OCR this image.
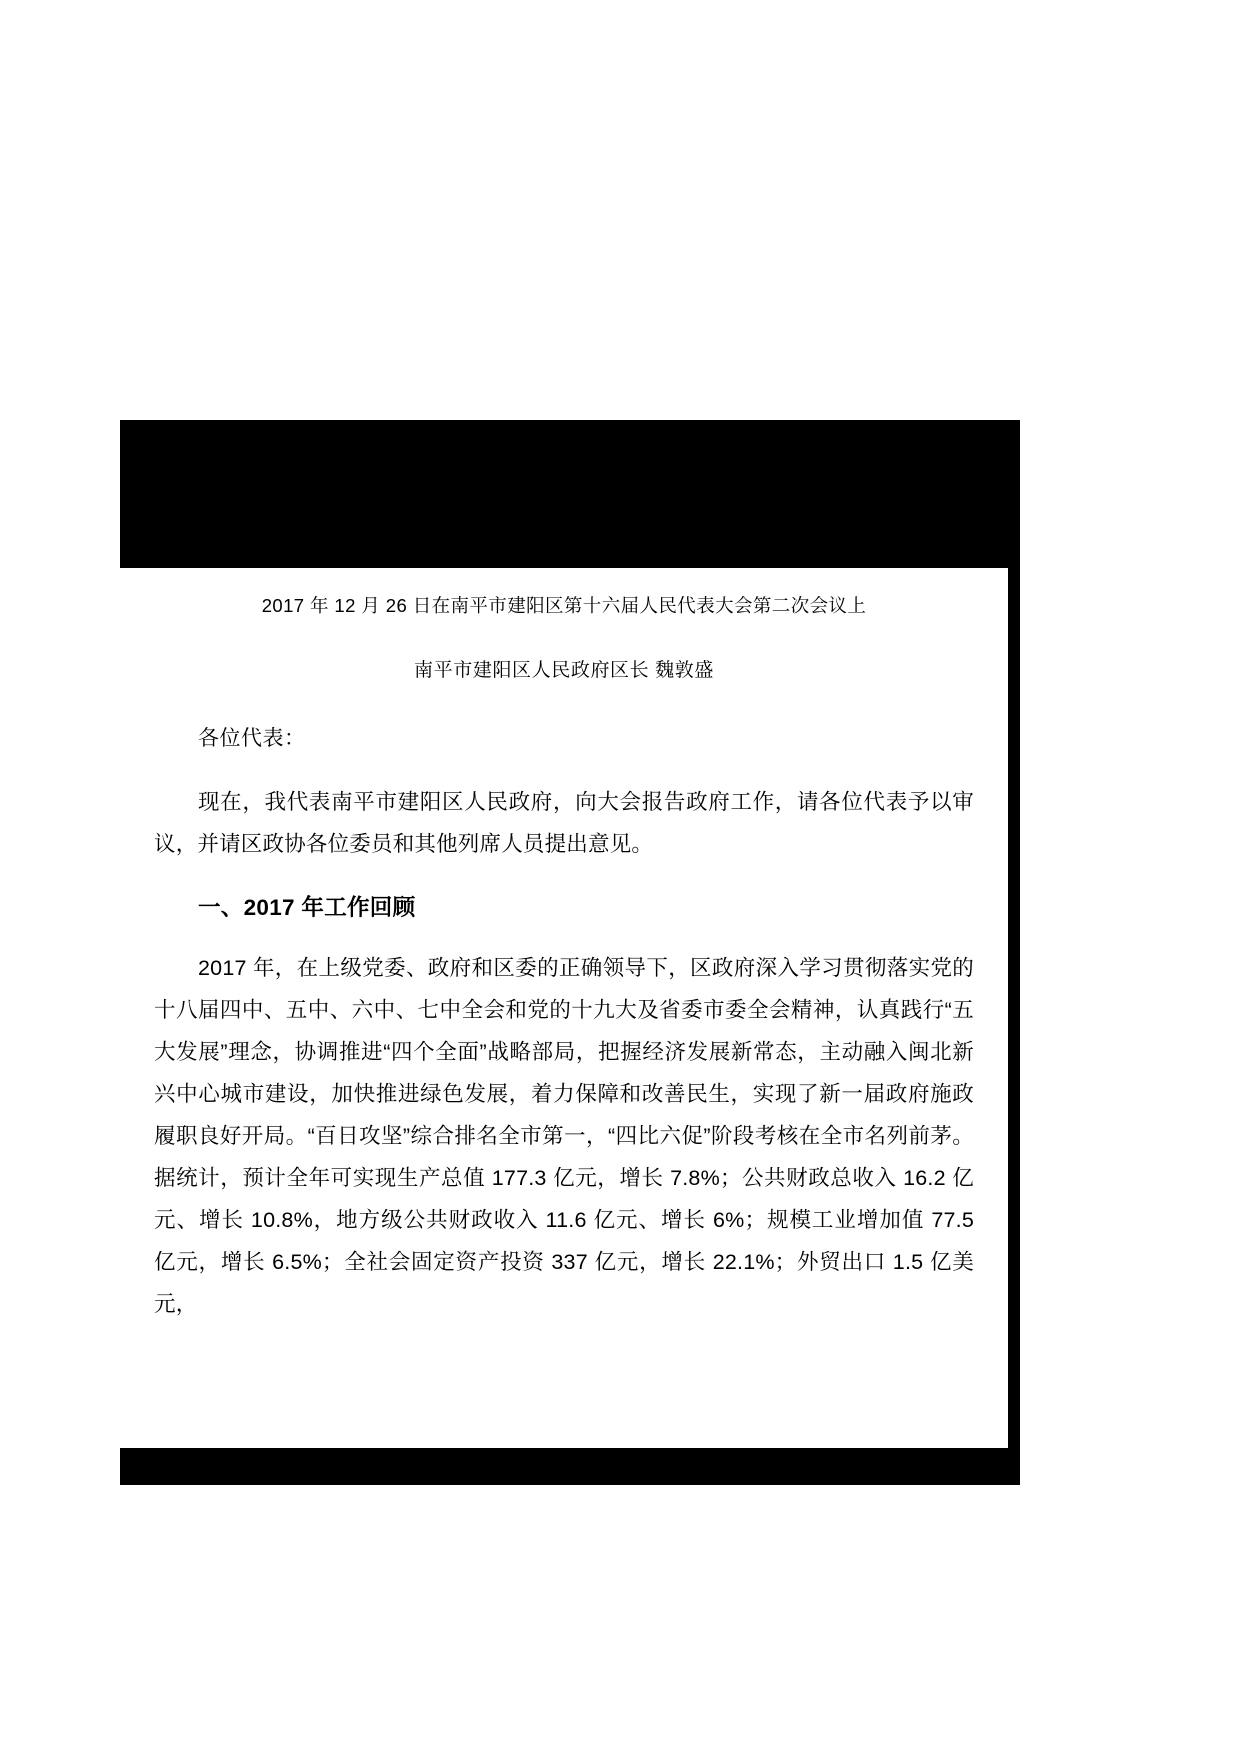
2017 年 12 月 26 日在南平市建阳区第十六届人民代表大会第二次会议上

南平市建阳区人民政府区长 魏敦盛

各位代表：

现在，我代表南平市建阳区人民政府，向大会报告政府工作，请各位代表予以审议，并请区政协各位委员和其他列席人员提出意见。

一、2017 年工作回顾

2017 年，在上级党委、政府和区委的正确领导下，区政府深入学习贯彻落实党的十八届四中、五中、六中、七中全会和党的十九大及省委市委全会精神，认真践行“五大发展”理念，协调推进“四个全面”战略部局，把握经济发展新常态，主动融入闽北新兴中心城市建设，加快推进绿色发展，着力保障和改善民生，实现了新一届政府施政履职良好开局。“百日攻坚”综合排名全市第一，“四比六促”阶段考核在全市名列前茅。据统计，预计全年可实现生产总值 177.3 亿元，增长 7.8%；公共财政总收入 16.2 亿元、增长 10.8%，地方级公共财政收入 11.6 亿元、增长 6%；规模工业增加值 77.5 亿元，增长 6.5%；全社会固定资产投资 337 亿元，增长 22.1%；外贸出口 1.5 亿美元，
